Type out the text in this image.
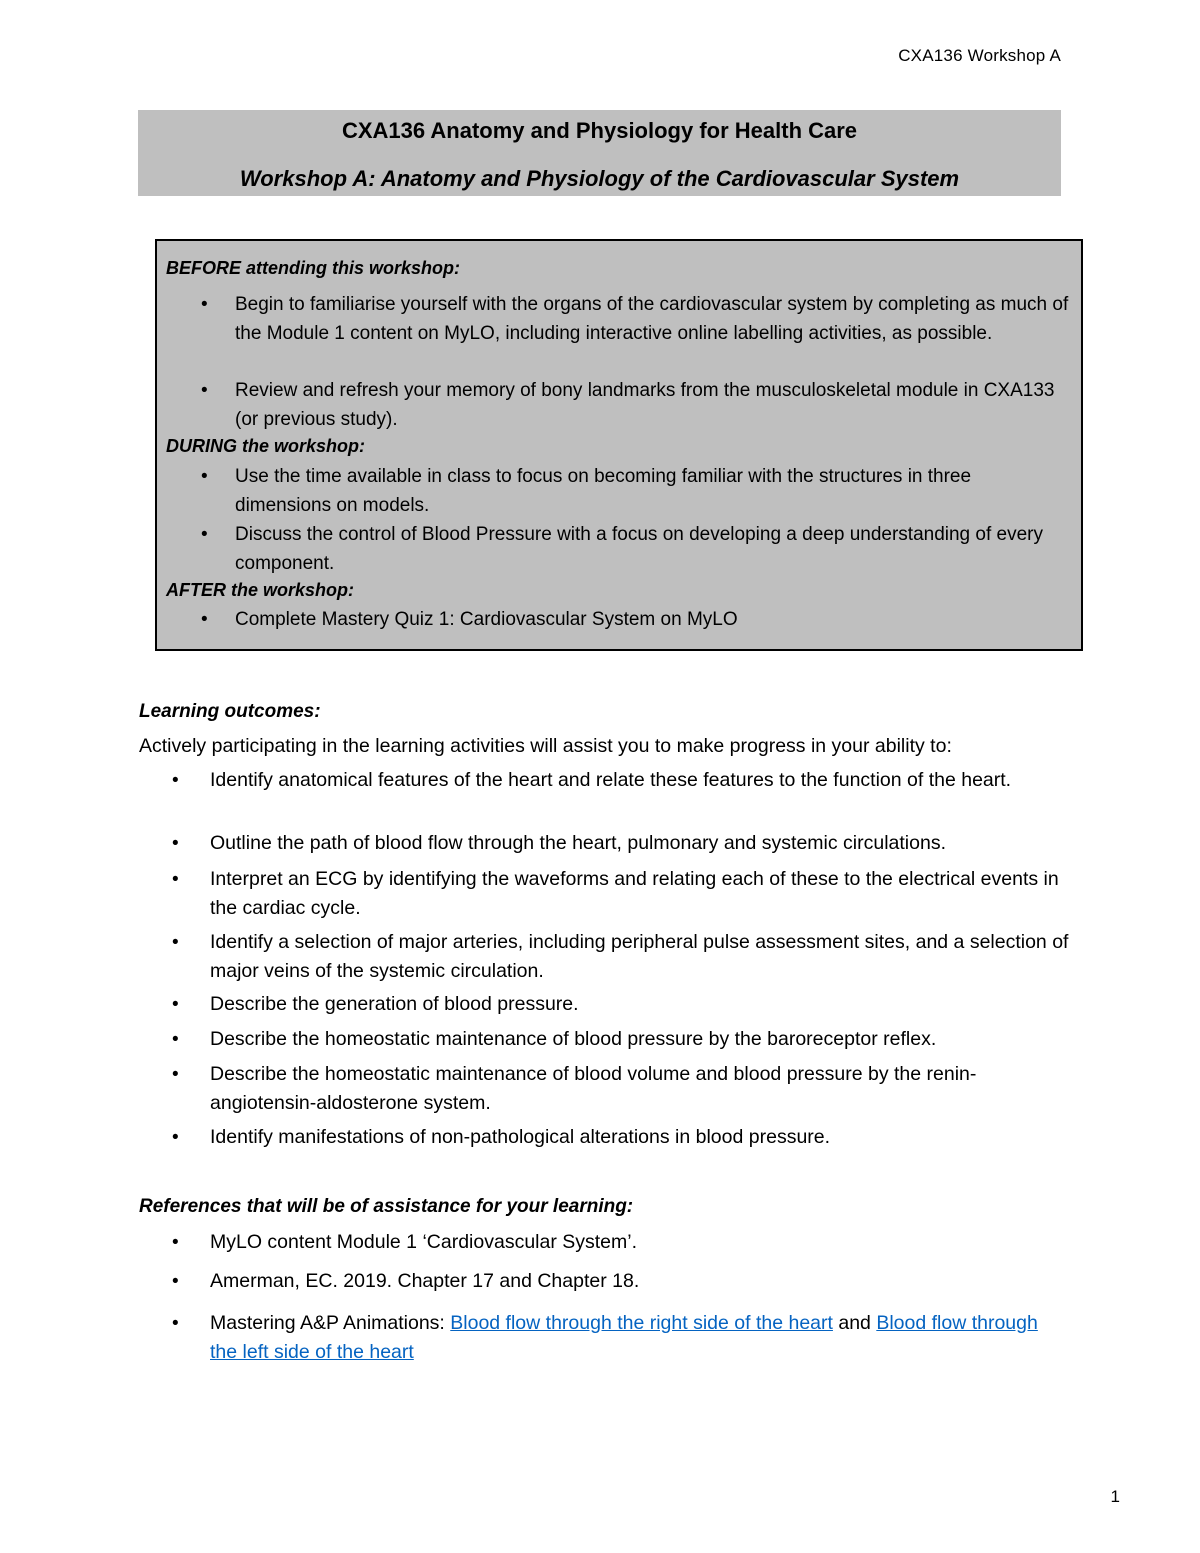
CXA136 Workshop A
CXA136 Anatomy and Physiology for Health Care
Workshop A: Anatomy and Physiology of the Cardiovascular System
BEFORE attending this workshop:
• Begin to familiarise yourself with the organs of the cardiovascular system by completing as much of the Module 1 content on MyLO, including interactive online labelling activities, as possible.
• Review and refresh your memory of bony landmarks from the musculoskeletal module in CXA133 (or previous study).
DURING the workshop:
• Use the time available in class to focus on becoming familiar with the structures in three dimensions on models.
• Discuss the control of Blood Pressure with a focus on developing a deep understanding of every component.
AFTER the workshop:
• Complete Mastery Quiz 1: Cardiovascular System on MyLO
Learning outcomes:
Actively participating in the learning activities will assist you to make progress in your ability to:
• Identify anatomical features of the heart and relate these features to the function of the heart.
• Outline the path of blood flow through the heart, pulmonary and systemic circulations.
• Interpret an ECG by identifying the waveforms and relating each of these to the electrical events in the cardiac cycle.
• Identify a selection of major arteries, including peripheral pulse assessment sites, and a selection of major veins of the systemic circulation.
• Describe the generation of blood pressure.
• Describe the homeostatic maintenance of blood pressure by the baroreceptor reflex.
• Describe the homeostatic maintenance of blood volume and blood pressure by the renin-angiotensin-aldosterone system.
• Identify manifestations of non-pathological alterations in blood pressure.
References that will be of assistance for your learning:
• MyLO content Module 1 ‘Cardiovascular System’.
• Amerman, EC. 2019. Chapter 17 and Chapter 18.
• Mastering A&P Animations: Blood flow through the right side of the heart and Blood flow through the left side of the heart
1
